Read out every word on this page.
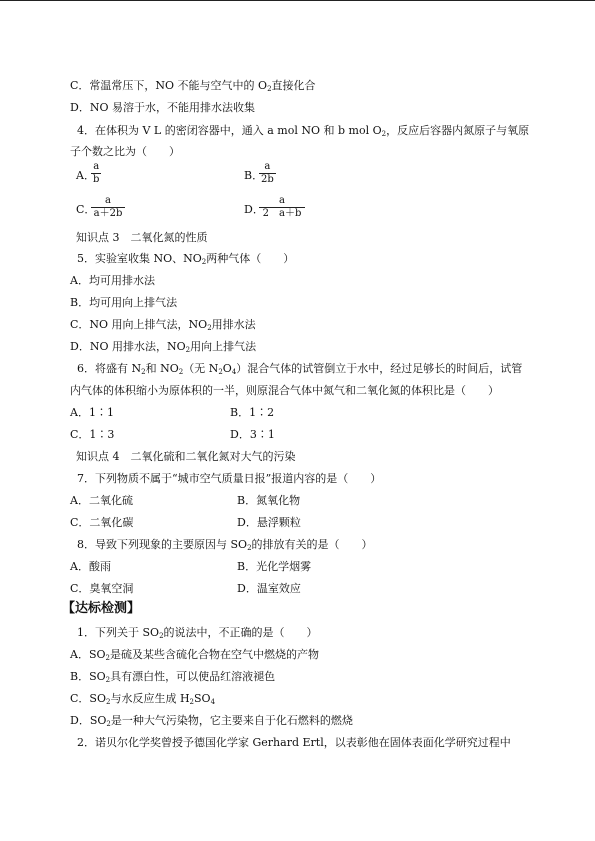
C．常温常压下，NO 不能与空气中的 $O_2$直接化合
D．NO 易溶于水，不能用排水法收集
4．在体积为 V L 的密闭容器中，通入 a mol NO 和 b mol $O_2$，反应后容器内氮原子与氧原
子个数之比为（　　）
A．
$\frac{a}{b}$	B．
$\frac{a}{2b}$
C．
$\frac{a}{a+2b}$	D．
$\frac{a}{2 a+b}$
知识点 3　二氧化氮的性质
5．实验室收集 NO、$NO_2$两种气体（　　）
A．均可用排水法
B．均可用向上排气法
C．NO 用向上排气法，$NO_2$用排水法
D．NO 用排水法，$NO_2$用向上排气法
6．将盛有 $N_2$和 $NO_2$（无 $N_2O_4$）混合气体的试管倒立于水中，经过足够长的时间后，试管
内气体的体积缩小为原体积的一半，则原混合气体中氮气和二氧化氮的体积比是（　　）
A．1∶1	B．1∶2
C．1∶3	D．3∶1
知识点 4　二氧化硫和二氧化氮对大气的污染
7．下列物质不属于“城市空气质量日报”报道内容的是（　　）
A．二氧化硫	B．氮氧化物
C．二氧化碳	D．悬浮颗粒
8．导致下列现象的主要原因与 $SO_2$的排放有关的是（　　）
A．酸雨	B．光化学烟雾
C．臭氧空洞	D．温室效应
【达标检测】
1．下列关于 $SO_2$的说法中，不正确的是（　　）
A．$SO_2$是硫及某些含硫化合物在空气中燃烧的产物
B．$SO_2$具有漂白性，可以使品红溶液褪色
C．$SO_2$与水反应生成 $H_2SO_4$
D．$SO_2$是一种大气污染物，它主要来自于化石燃料的燃烧
2．诺贝尔化学奖曾授予德国化学家 Gerhard Ertl，以表彰他在固体表面化学研究过程中
